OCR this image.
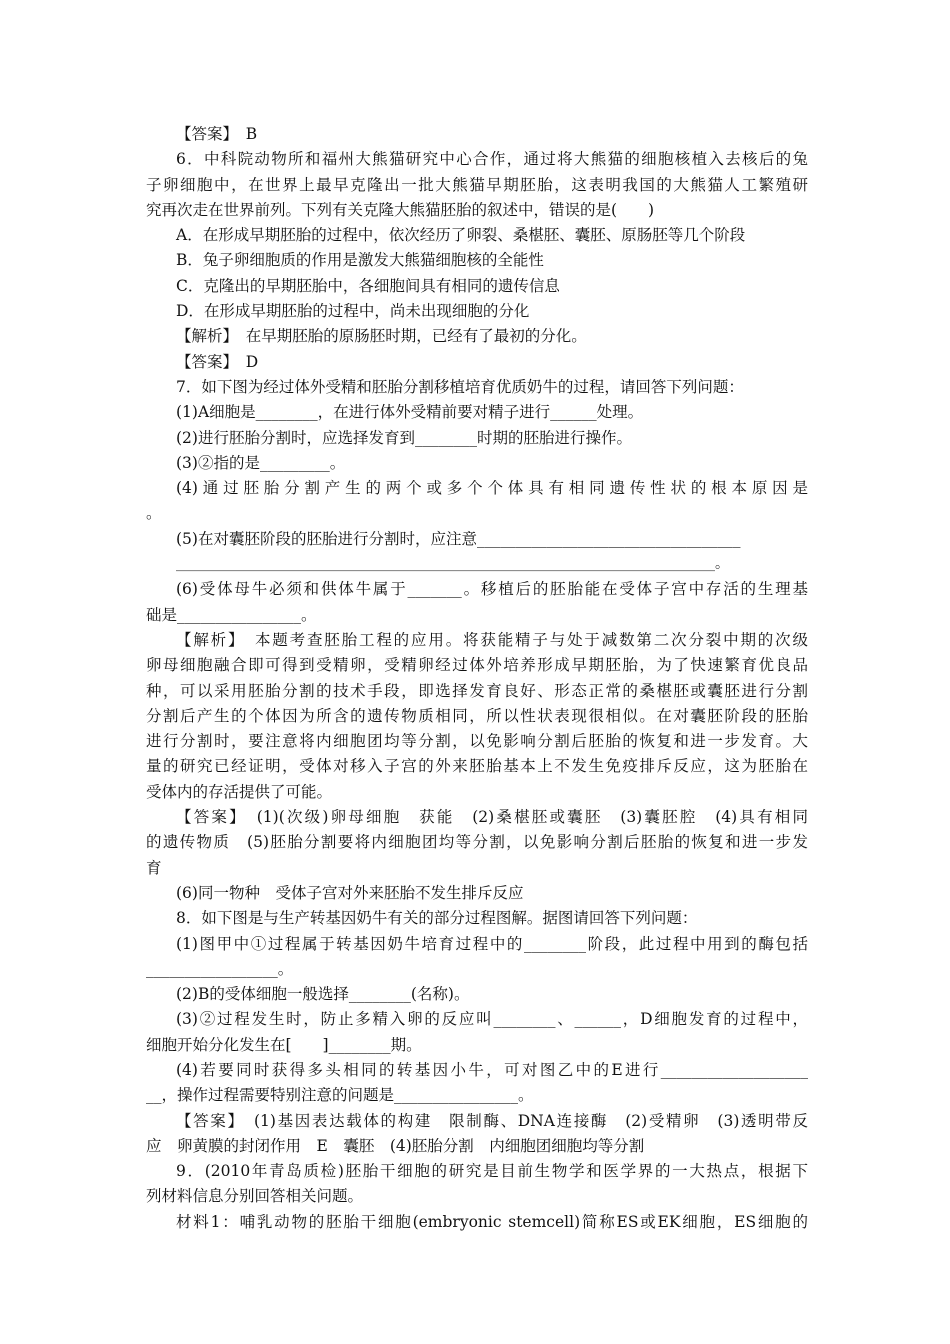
【答案】　B
6．中科院动物所和福州大熊猫研究中心合作，通过将大熊猫的细胞核植入去核后的兔
子卵细胞中，在世界上最早克隆出一批大熊猫早期胚胎，这表明我国的大熊猫人工繁殖研
究再次走在世界前列。下列有关克隆大熊猫胚胎的叙述中，错误的是(　　)
A．在形成早期胚胎的过程中，依次经历了卵裂、桑椹胚、囊胚、原肠胚等几个阶段
B．兔子卵细胞质的作用是激发大熊猫细胞核的全能性
C．克隆出的早期胚胎中，各细胞间具有相同的遗传信息
D．在形成早期胚胎的过程中，尚未出现细胞的分化
【解析】　在早期胚胎的原肠胚时期，已经有了最初的分化。
【答案】　D
7．如下图为经过体外受精和胚胎分割移植培育优质奶牛的过程，请回答下列问题：
(1)A细胞是________，在进行体外受精前要对精子进行______处理。
(2)进行胚胎分割时，应选择发育到________时期的胚胎进行操作。
(3)②指的是_________。
(4)通过胚胎分割产生的两个或多个个体具有相同遗传性状的根本原因是
。
(5)在对囊胚阶段的胚胎进行分割时，应注意__________________________________
_____________________________________________________________________________。
(6)受体母牛必须和供体牛属于_______。移植后的胚胎能在受体子宫中存活的生理基
础是________________。
【解析】　本题考查胚胎工程的应用。将获能精子与处于减数第二次分裂中期的次级
卵母细胞融合即可得到受精卵，受精卵经过体外培养形成早期胚胎，为了快速繁育优良品
种，可以采用胚胎分割的技术手段，即选择发育良好、形态正常的桑椹胚或囊胚进行分割
分割后产生的个体因为所含的遗传物质相同，所以性状表现很相似。在对囊胚阶段的胚胎
进行分割时，要注意将内细胞团均等分割，以免影响分割后胚胎的恢复和进一步发育。大
量的研究已经证明，受体对移入子宫的外来胚胎基本上不发生免疫排斥反应，这为胚胎在
受体内的存活提供了可能。
【答案】　(1)(次级)卵母细胞　获能　(2)桑椹胚或囊胚　(3)囊胚腔　(4)具有相同
的遗传物质　(5)胚胎分割要将内细胞团均等分割，以免影响分割后胚胎的恢复和进一步发
育
(6)同一物种　受体子宫对外来胚胎不发生排斥反应
8．如下图是与生产转基因奶牛有关的部分过程图解。据图请回答下列问题：
(1)图甲中①过程属于转基因奶牛培育过程中的________阶段，此过程中用到的酶包括
_________________。
(2)B的受体细胞一般选择________(名称)。
(3)②过程发生时，防止多精入卵的反应叫________、______，D细胞发育的过程中，
细胞开始分化发生在[　　]________期。
(4)若要同时获得多头相同的转基因小牛，可对图乙中的E进行___________________
__，操作过程需要特别注意的问题是________________。
【答案】　(1)基因表达载体的构建　限制酶、DNA连接酶　(2)受精卵　(3)透明带反
应　卵黄膜的封闭作用　E　囊胚　(4)胚胎分割　内细胞团细胞均等分割
9．(2010年青岛质检)胚胎干细胞的研究是目前生物学和医学界的一大热点，根据下
列材料信息分别回答相关问题。
材料1：哺乳动物的胚胎干细胞(embryonic stemcell)简称ES或EK细胞，ES细胞的
